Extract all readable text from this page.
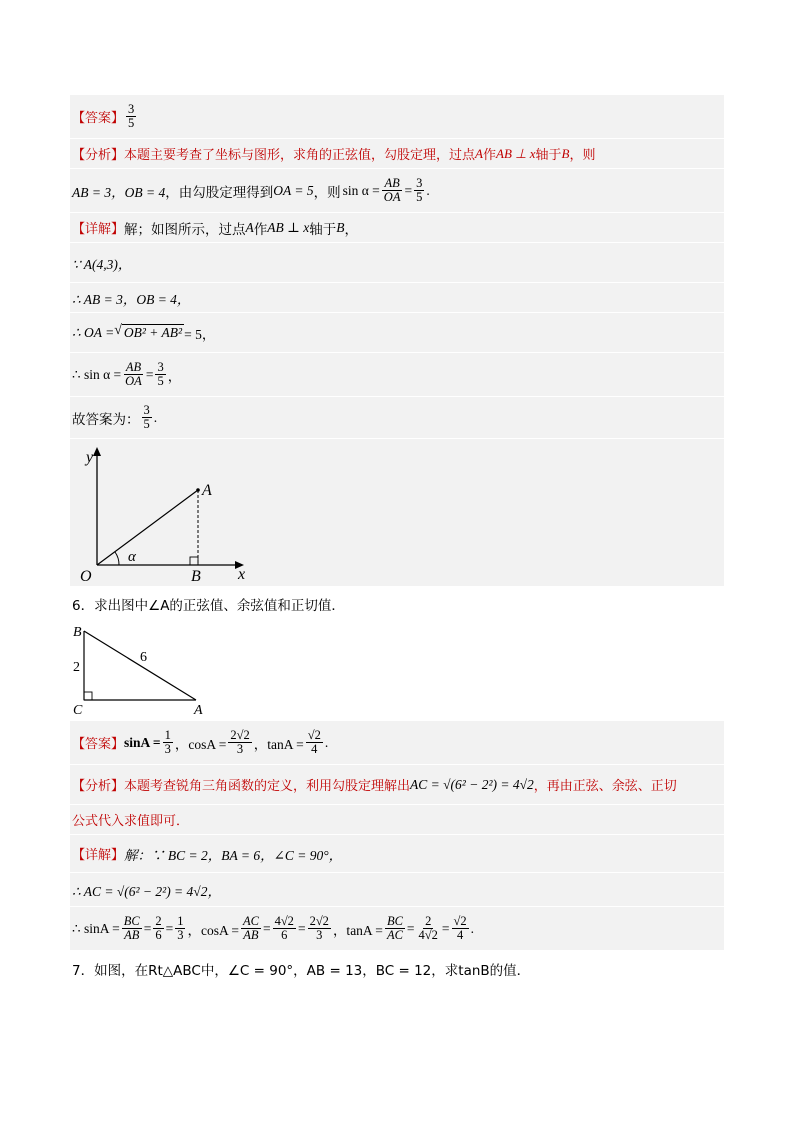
【答案】 $\frac{3}{5}$
【分析】 本题主要考查了坐标与图形，求角的正弦值，勾股定理，过点 A 作 AB ⊥ x 轴于 B ，则
AB = 3，OB = 4 ，由勾股定理得到 OA = 5 ，则 $\sin \alpha = \frac{AB}{OA} = \frac{3}{5}$ .
【详解】 解；如图所示，过点 A 作 AB ⊥ x 轴于 B ，
∵ A(4,3)，
∴ AB = 3，OB = 4，
∴ OA = √ OB² + AB² = 5，
∴ $\sin \alpha = \frac{AB}{OA} = \frac{3}{5}$ ，
故答案为： $\frac{3}{5}$ .
y
x
O
A
B
α
6．求出图中∠A的正弦值、余弦值和正切值．
B
C	A
2
6
【答案】 $\sin A = \frac{1}{3}$ ，$\cos A = \frac{2√2}{3}$ ，$\tan A = \frac{√2}{4}$ .
【分析】 本题考查锐角三角函数的定义，利用勾股定理解出 AC = √(6² − 2²) = 4√2 ，再由正弦、余弦、正切
公式代入求值即可．
【详解】 解：∵ BC = 2，BA = 6，∠C = 90°，
∴ AC = √(6² − 2²) = 4√2，
∴ $\sin A = \frac{BC}{AB} = \frac{2}{6} = \frac{1}{3}$ ，$\cos A = \frac{AC}{AB} = \frac{4√2}{6} = \frac{2√2}{3}$ ，$\tan A = \frac{BC}{AC} = \frac{2}{4√2} = \frac{√2}{4}$ .
7．如图，在Rt△ABC中，∠C = 90°，AB = 13，BC = 12，求tanB的值．
